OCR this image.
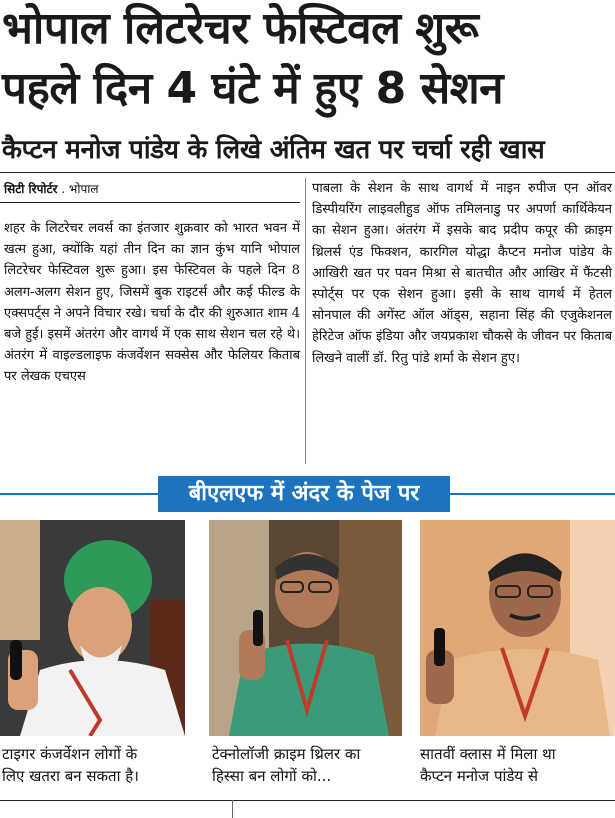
भोपाल लिटरेचर फेस्टिवल शुरू
पहले दिन 4 घंटे में हुए 8 सेशन
कैप्टन मनोज पांडेय के लिखे अंतिम खत पर चर्चा रही खास
सिटी रिपोर्टर . भोपाल
शहर के लिटरेचर लवर्स का इंतजार शुक्रवार को भारत भवन में खत्म हुआ, क्योंकि यहां तीन दिन का ज्ञान कुंभ यानि भोपाल लिटरेचर फेस्टिवल शुरू हुआ। इस फेस्टिवल के पहले दिन 8 अलग-अलग सेशन हुए, जिसमें बुक राइटर्स और कई फील्ड के एक्सपर्ट्स ने अपने विचार रखे। चर्चा के दौर की शुरुआत शाम 4 बजे हुई। इसमें अंतरंग और वागर्थ में एक साथ सेशन चल रहे थे। अंतरंग में वाइल्डलाइफ कंजर्वेशन सक्सेस और फेलियर किताब पर लेखक एचएस
पाबला के सेशन के साथ वागर्थ में नाइन रुपीज एन ऑवर डिस्पीयरिंग लाइवलीहुड ऑफ तमिलनाडु पर अपर्णा कार्थिकेयन का सेशन हुआ। अंतरंग में इसके बाद प्रदीप कपूर की क्राइम थ्रिलर्स एंड फिक्शन, कारगिल योद्धा कैप्टन मनोज पांडेय के आखिरी खत पर पवन मिश्रा से बातचीत और आखिर में फैंटसी स्पोर्ट्स पर एक सेशन हुआ। इसी के साथ वागर्थ में हेतल सोनपाल की अगेंस्ट ऑल ऑड्स, सहाना सिंह की एजुकेशनल हेरिटेज ऑफ इंडिया और जयप्रकाश चौकसे के जीवन पर किताब लिखने वालीं डॉ. रितु पांडे शर्मा के सेशन हुए।
बीएलएफ में अंदर के पेज पर
टाइगर कंजर्वेशन लोगों के
लिए खतरा बन सकता है।
टेक्नोलॉजी क्राइम थ्रिलर का
हिस्सा बन लोगों को...
सातवीं क्लास में मिला था
कैप्टन मनोज पांडेय से
